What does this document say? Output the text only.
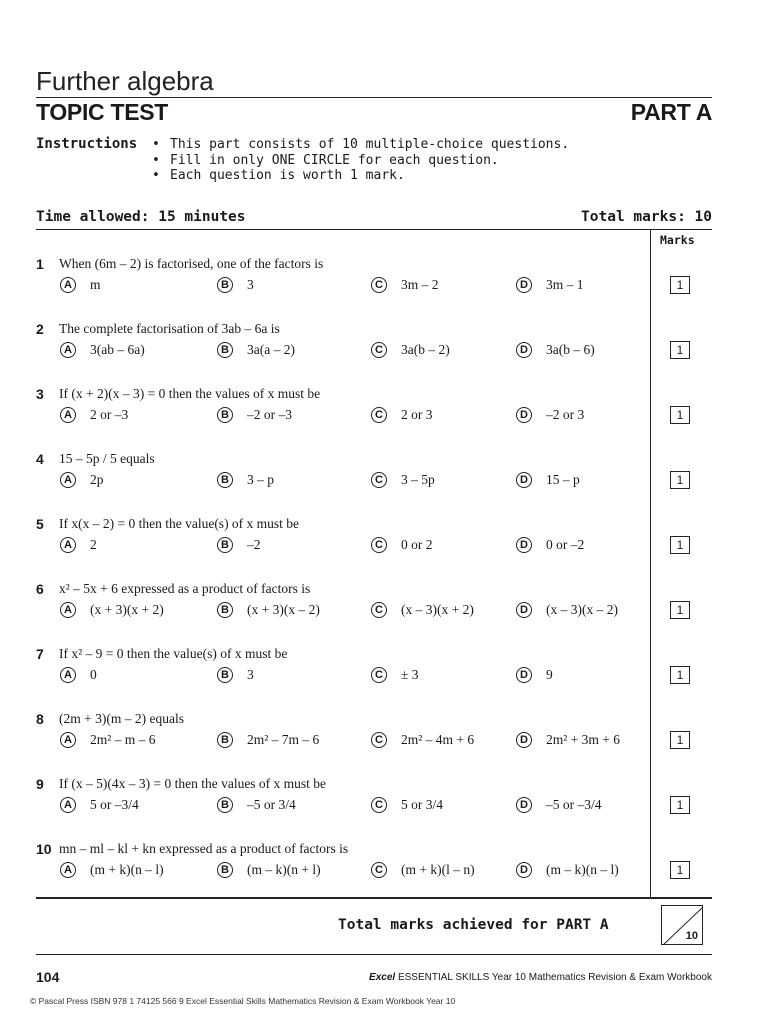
Further algebra
TOPIC TEST	PART A
Instructions
•	This part consists of 10 multiple-choice questions.
• Fill in only ONE CIRCLE for each question.
• Each question is worth 1 mark.
Time allowed: 15 minutes	Total marks: 10
Marks
1 When (6m – 2) is factorised, one of the factors is
A m	B 3	C 3m – 2	D 3m – 1	1
2 The complete factorisation of 3ab – 6a is
A 3(ab – 6a)	B 3a(a – 2)	C 3a(b – 2)	D 3a(b – 6)	1
3 If (x + 2)(x – 3) = 0 then the values of x must be
A 2 or –3	B –2 or –3	C 2 or 3	D –2 or 3	1
4 15 – 5p / 5 equals
A 2p	B 3 – p	C 3 – 5p	D 15 – p	1
5 If x(x – 2) = 0 then the value(s) of x must be
A 2	B –2	C 0 or 2	D 0 or –2	1
6 x² – 5x + 6 expressed as a product of factors is
A (x + 3)(x + 2)	B (x + 3)(x – 2)	C (x – 3)(x + 2)	D (x – 3)(x – 2)	1
7 If x² – 9 = 0 then the value(s) of x must be
A 0	B 3	C ± 3	D 9	1
8 (2m + 3)(m – 2) equals
A 2m² – m – 6	B 2m² – 7m – 6	C 2m² – 4m + 6	D 2m² + 3m + 6	1
9 If (x – 5)(4x – 3) = 0 then the values of x must be
A 5 or –3/4	B –5 or 3/4	C 5 or 3/4	D –5 or –3/4	1
10 mn – ml – kl + kn expressed as a product of factors is
A (m + k)(n – l)	B (m – k)(n + l)	C (m + k)(l – n)	D (m – k)(n – l)	1
Total marks achieved for PART A
10
104	Excel ESSENTIAL SKILLS Year 10 Mathematics Revision & Exam Workbook
© Pascal Press ISBN 978 1 74125 566 9 Excel Essential Skills Mathematics Revision & Exam Workbook Year 10
